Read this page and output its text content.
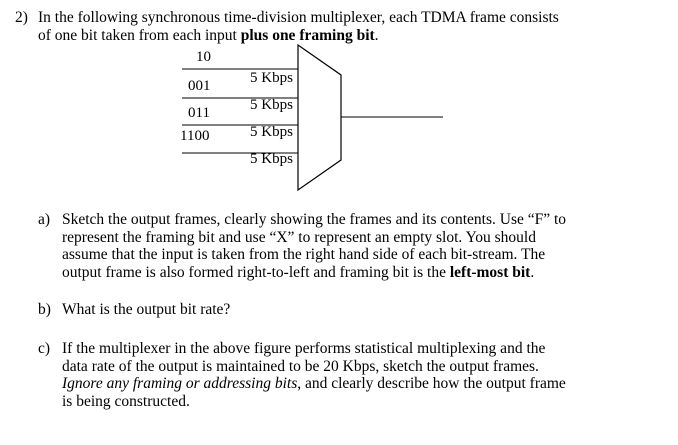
2) In the following synchronous time-division multiplexer, each TDMA frame consists
of one bit taken from each input plus one framing bit.
10
001
011
1100
5 Kbps
5 Kbps
5 Kbps
5 Kbps
a) Sketch the output frames, clearly showing the frames and its contents. Use “F” to
represent the framing bit and use “X” to represent an empty slot. You should
assume that the input is taken from the right hand side of each bit-stream. The
output frame is also formed right-to-left and framing bit is the left-most bit.
b) What is the output bit rate?
c) If the multiplexer in the above figure performs statistical multiplexing and the
data rate of the output is maintained to be 20 Kbps, sketch the output frames.
Ignore any framing or addressing bits, and clearly describe how the output frame
is being constructed.
